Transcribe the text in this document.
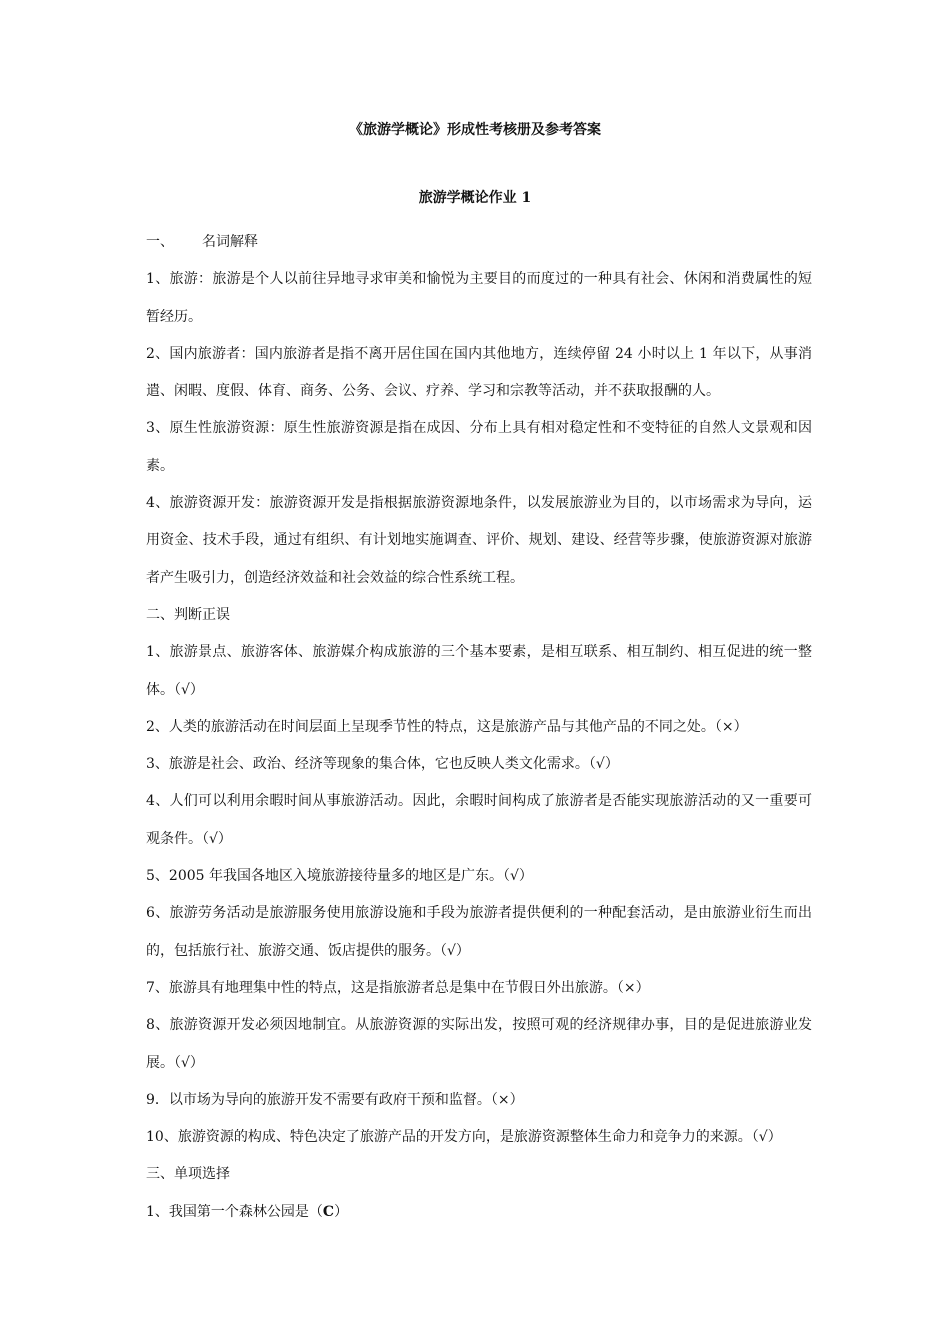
《旅游学概论》形成性考核册及参考答案
旅游学概论作业 1

一、 名词解释

1、旅游：旅游是个人以前往异地寻求审美和愉悦为主要目的而度过的一种具有社会、休闲和消费属性的短暂经历。

2、国内旅游者：国内旅游者是指不离开居住国在国内其他地方，连续停留 24 小时以上 1 年以下，从事消遣、闲暇、度假、体育、商务、公务、会议、疗养、学习和宗教等活动，并不获取报酬的人。

3、原生性旅游资源：原生性旅游资源是指在成因、分布上具有相对稳定性和不变特征的自然人文景观和因素。

4、旅游资源开发：旅游资源开发是指根据旅游资源地条件，以发展旅游业为目的，以市场需求为导向，运用资金、技术手段，通过有组织、有计划地实施调查、评价、规划、建设、经营等步骤，使旅游资源对旅游者产生吸引力，创造经济效益和社会效益的综合性系统工程。

二、判断正误

1、旅游景点、旅游客体、旅游媒介构成旅游的三个基本要素，是相互联系、相互制约、相互促进的统一整体。（√）

2、人类的旅游活动在时间层面上呈现季节性的特点，这是旅游产品与其他产品的不同之处。（×）

3、旅游是社会、政治、经济等现象的集合体，它也反映人类文化需求。（√）

4、人们可以利用余暇时间从事旅游活动。因此，余暇时间构成了旅游者是否能实现旅游活动的又一重要可观条件。（√）

5、2005 年我国各地区入境旅游接待量多的地区是广东。（√）

6、旅游劳务活动是旅游服务使用旅游设施和手段为旅游者提供便利的一种配套活动，是由旅游业衍生而出的，包括旅行社、旅游交通、饭店提供的服务。（√）

7、旅游具有地理集中性的特点，这是指旅游者总是集中在节假日外出旅游。（×）

8、旅游资源开发必须因地制宜。从旅游资源的实际出发，按照可观的经济规律办事，目的是促进旅游业发展。（√）

9．以市场为导向的旅游开发不需要有政府干预和监督。（×）

10、旅游资源的构成、特色决定了旅游产品的开发方向，是旅游资源整体生命力和竞争力的来源。（√）

三、单项选择

1、我国第一个森林公园是（C）
